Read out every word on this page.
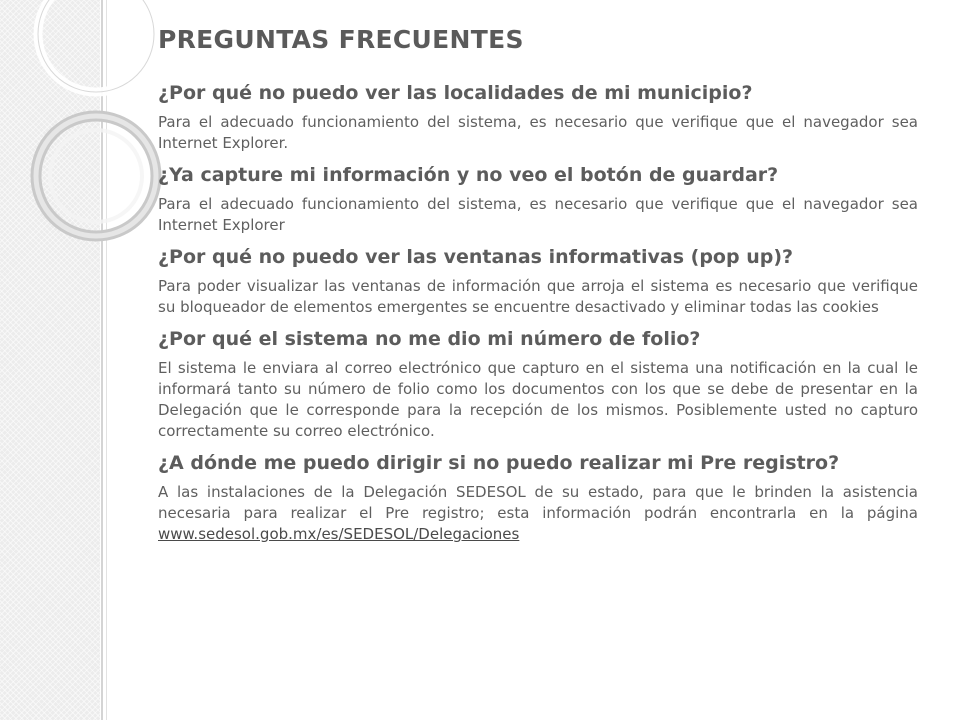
PREGUNTAS FRECUENTES
¿Por qué no puedo ver las localidades de mi municipio?
Para el adecuado funcionamiento del sistema, es necesario que verifique que el navegador sea Internet Explorer.
¿Ya capture mi información y no veo el botón de guardar?
Para el adecuado funcionamiento del sistema, es necesario que verifique que el navegador sea Internet Explorer
¿Por qué no puedo ver las ventanas informativas (pop up)?
Para poder visualizar las ventanas de información que arroja el sistema es necesario que verifique su bloqueador de elementos emergentes se encuentre desactivado y eliminar todas las cookies
¿Por qué el sistema no me dio mi número de folio?
El sistema le enviara al correo electrónico que capturo en el sistema una notificación en la cual le informará tanto su número de folio como los documentos con los que se debe de presentar en la Delegación que le corresponde para la recepción de los mismos. Posiblemente usted no capturo correctamente su correo electrónico.
¿A dónde me puedo dirigir si no puedo realizar mi Pre registro?
A las instalaciones de la Delegación SEDESOL de su estado, para que le brinden la asistencia necesaria para realizar el Pre registro; esta información podrán encontrarla en la página www.sedesol.gob.mx/es/SEDESOL/Delegaciones
